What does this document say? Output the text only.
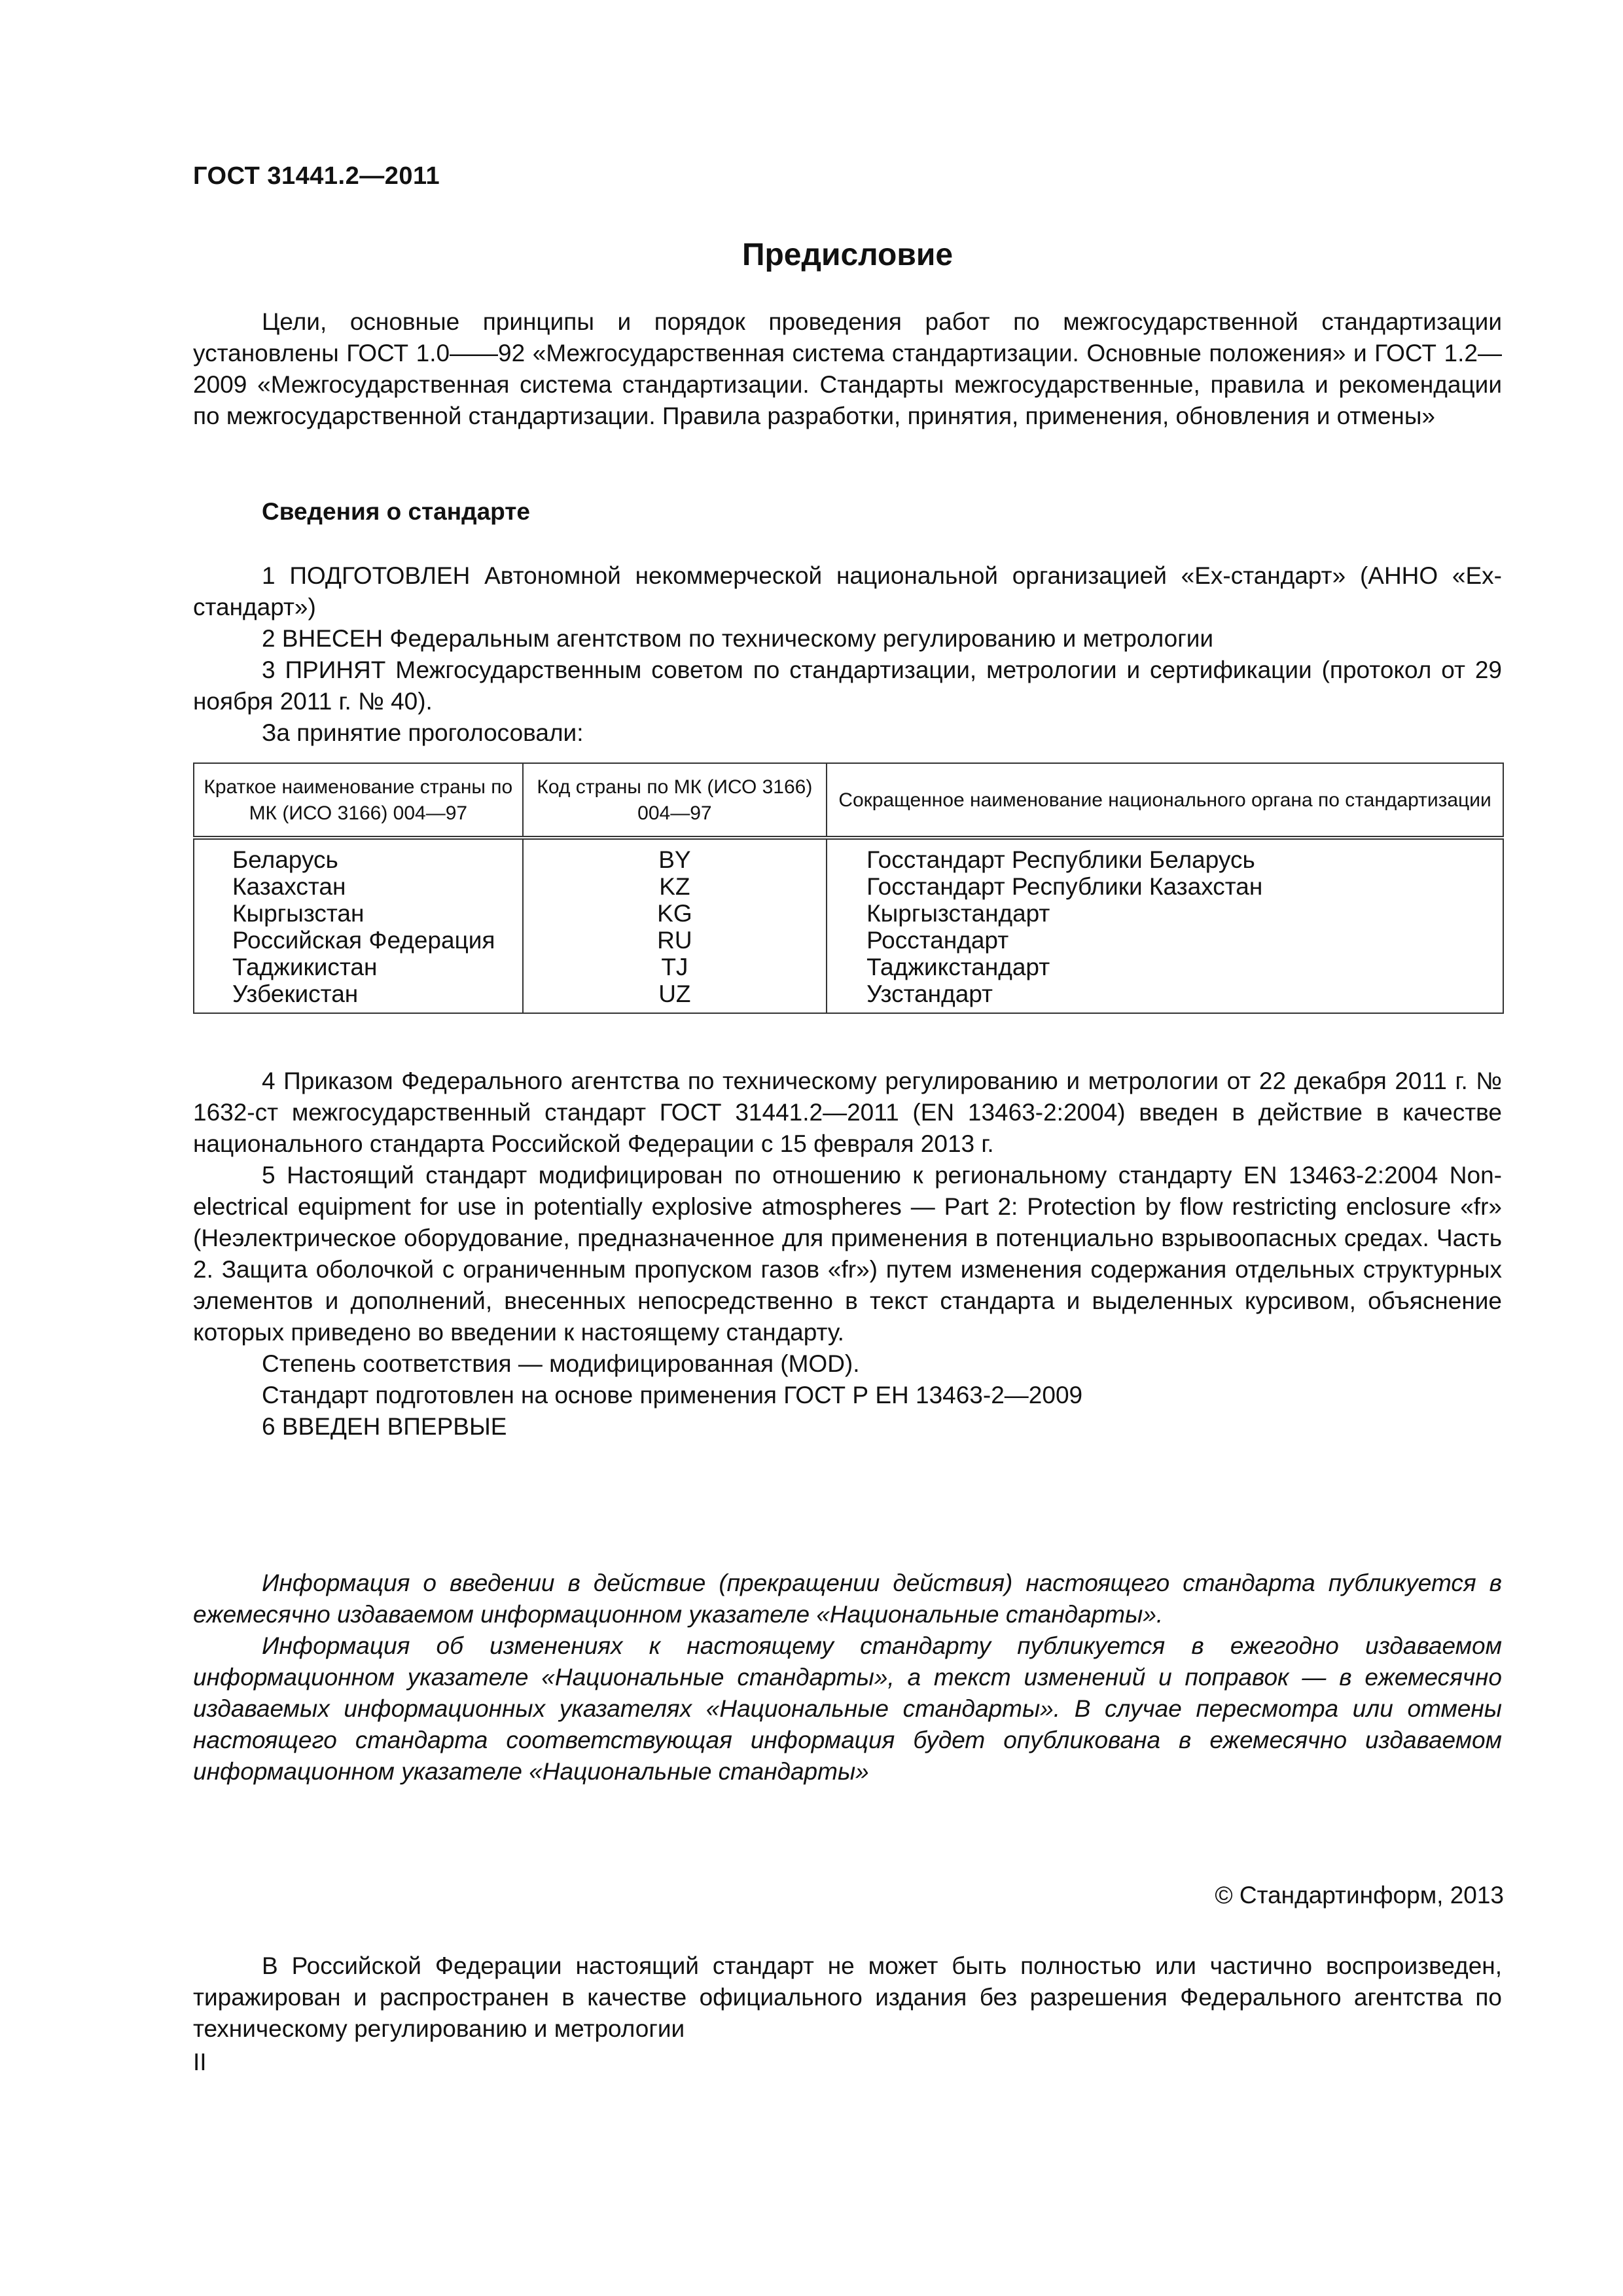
ГОСТ 31441.2—2011
Предисловие

Цели, основные принципы и порядок проведения работ по межгосударственной стандартизации установлены ГОСТ 1.0——92 «Межгосударственная система стандартизации. Основные положения» и ГОСТ 1.2—2009 «Межгосударственная система стандартизации. Стандарты межгосударственные, правила и рекомендации по межгосударственной стандартизации. Правила разработки, принятия, применения, обновления и отмены»

Сведения о стандарте

1 ПОДГОТОВЛЕН Автономной некоммерческой национальной организацией «Ех-стандарт» (АННО «Ех-стандарт»)

2 ВНЕСЕН Федеральным агентством по техническому регулированию и метрологии

3 ПРИНЯТ Межгосударственным советом по стандартизации, метрологии и сертификации (протокол от 29 ноября 2011 г. № 40).

За принятие проголосовали:

Краткое наименование страны по МК (ИСО 3166) 004—97	Код страны по МК (ИСО 3166) 004—97	Сокращенное наименование национального органа по стандартизации
Беларусь	BY	Госстандарт Республики Беларусь
Казахстан	KZ	Госстандарт Республики Казахстан
Кыргызстан	KG	Кыргызстандарт
Российская Федерация	RU	Росстандарт
Таджикистан	TJ	Таджикстандарт
Узбекистан	UZ	Узстандарт

4 Приказом Федерального агентства по техническому регулированию и метрологии от 22 декабря 2011 г. № 1632-ст межгосударственный стандарт ГОСТ 31441.2—2011 (EN 13463-2:2004) введен в действие в качестве национального стандарта Российской Федерации с 15 февраля 2013 г.

5 Настоящий стандарт модифицирован по отношению к региональному стандарту EN 13463-2:2004 Non-electrical equipment for use in potentially explosive atmospheres — Part 2: Protection by flow restricting enclosure «fr» (Неэлектрическое оборудование, предназначенное для применения в потенциально взрывоопасных средах. Часть 2. Защита оболочкой с ограниченным пропуском газов «fr») путем изменения содержания отдельных структурных элементов и дополнений, внесенных непосредственно в текст стандарта и выделенных курсивом, объяснение которых приведено во введении к настоящему стандарту.

Степень соответствия — модифицированная (MOD).

Стандарт подготовлен на основе применения ГОСТ Р ЕН 13463-2—2009

6 ВВЕДЕН ВПЕРВЫЕ

Информация о введении в действие (прекращении действия) настоящего стандарта публикуется в ежемесячно издаваемом информационном указателе «Национальные стандарты».

Информация об изменениях к настоящему стандарту публикуется в ежегодно издаваемом информационном указателе «Национальные стандарты», а текст изменений и поправок — в ежемесячно издаваемых информационных указателях «Национальные стандарты». В случае пересмотра или отмены настоящего стандарта соответствующая информация будет опубликована в ежемесячно издаваемом информационном указателе «Национальные стандарты»

© Стандартинформ, 2013

В Российской Федерации настоящий стандарт не может быть полностью или частично воспроизведен, тиражирован и распространен в качестве официального издания без разрешения Федерального агентства по техническому регулированию и метрологии

II
